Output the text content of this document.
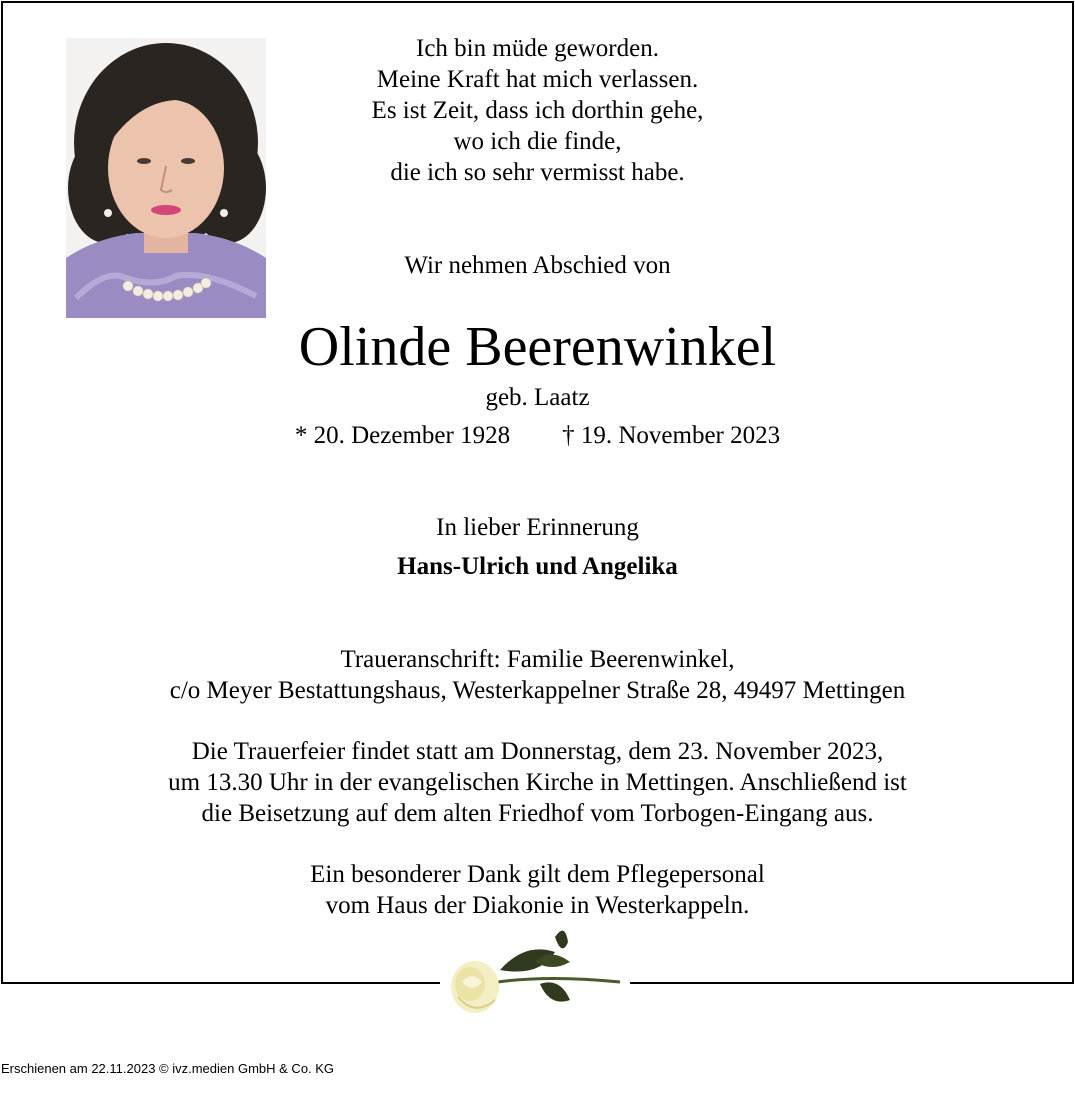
Ich bin müde geworden.
Meine Kraft hat mich verlassen.
Es ist Zeit, dass ich dorthin gehe,
wo ich die finde,
die ich so sehr vermisst habe.
Wir nehmen Abschied von
Olinde Beerenwinkel
geb. Laatz
* 20. Dezember 1928 † 19. November 2023
In lieber Erinnerung
Hans-Ulrich und Angelika
Traueranschrift: Familie Beerenwinkel,
c/o Meyer Bestattungshaus, Westerkappelner Straße 28, 49497 Mettingen
Die Trauerfeier findet statt am Donnerstag, dem 23. November 2023,
um 13.30 Uhr in der evangelischen Kirche in Mettingen. Anschließend ist
die Beisetzung auf dem alten Friedhof vom Torbogen-Eingang aus.
Ein besonderer Dank gilt dem Pflegepersonal
vom Haus der Diakonie in Westerkappeln.
Erschienen am 22.11.2023 © ivz.medien GmbH & Co. KG
